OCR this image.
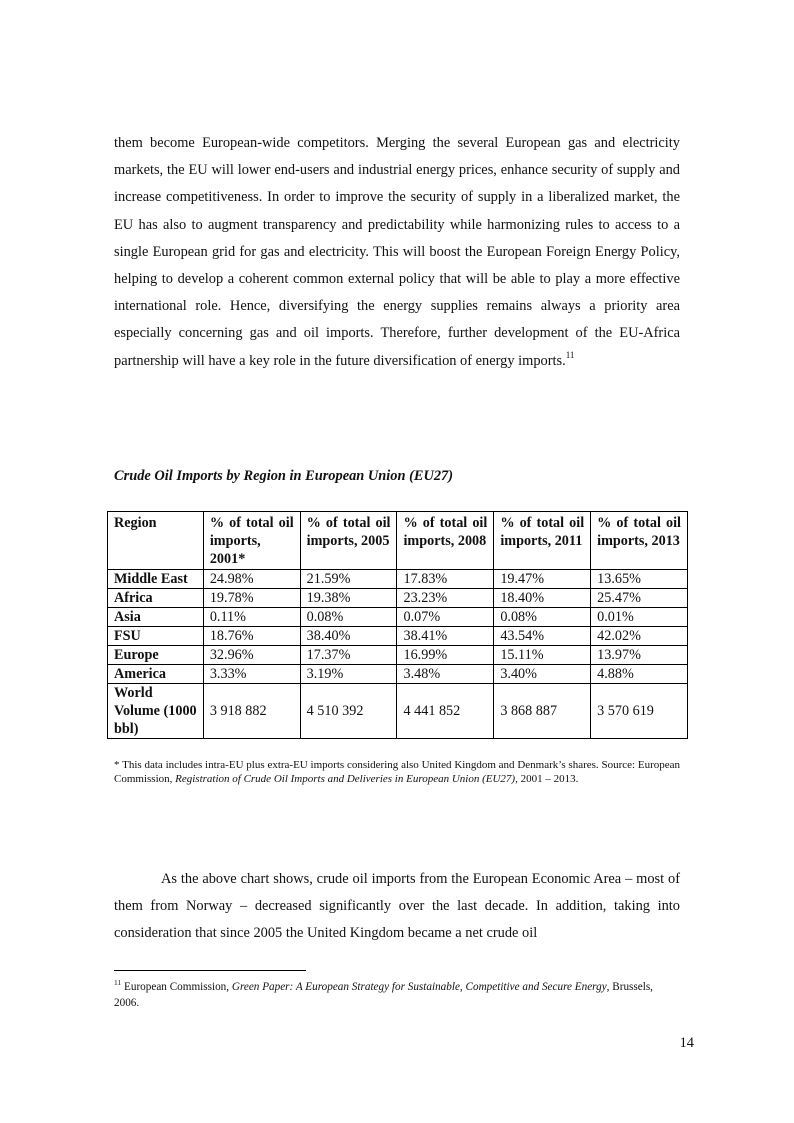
them become European-wide competitors. Merging the several European gas and electricity markets, the EU will lower end-users and industrial energy prices, enhance security of supply and increase competitiveness. In order to improve the security of supply in a liberalized market, the EU has also to augment transparency and predictability while harmonizing rules to access to a single European grid for gas and electricity. This will boost the European Foreign Energy Policy, helping to develop a coherent common external policy that will be able to play a more effective international role. Hence, diversifying the energy supplies remains always a priority area especially concerning gas and oil imports. Therefore, further development of the EU-Africa partnership will have a key role in the future diversification of energy imports.$^{11}$

Crude Oil Imports by Region in European Union (EU27)

Region	% of total oil imports, 2001*	% of total oil imports, 2005	% of total oil imports, 2008	% of total oil imports, 2011	% of total oil imports, 2013
Middle East	24.98%	21.59%	17.83%	19.47%	13.65%
Africa	19.78%	19.38%	23.23%	18.40%	25.47%
Asia	0.11%	0.08%	0.07%	0.08%	0.01%
FSU	18.76%	38.40%	38.41%	43.54%	42.02%
Europe	32.96%	17.37%	16.99%	15.11%	13.97%
America	3.33%	3.19%	3.48%	3.40%	4.88%
World Volume (1000 bbl)	3 918 882	4 510 392	4 441 852	3 868 887	3 570 619

* This data includes intra-EU plus extra-EU imports considering also United Kingdom and Denmark’s shares. Source: European Commission, Registration of Crude Oil Imports and Deliveries in European Union (EU27), 2001 – 2013.

As the above chart shows, crude oil imports from the European Economic Area – most of them from Norway – decreased significantly over the last decade. In addition, taking into consideration that since 2005 the United Kingdom became a net crude oil

$^{11}$ European Commission, Green Paper: A European Strategy for Sustainable, Competitive and Secure Energy, Brussels, 2006.

14
